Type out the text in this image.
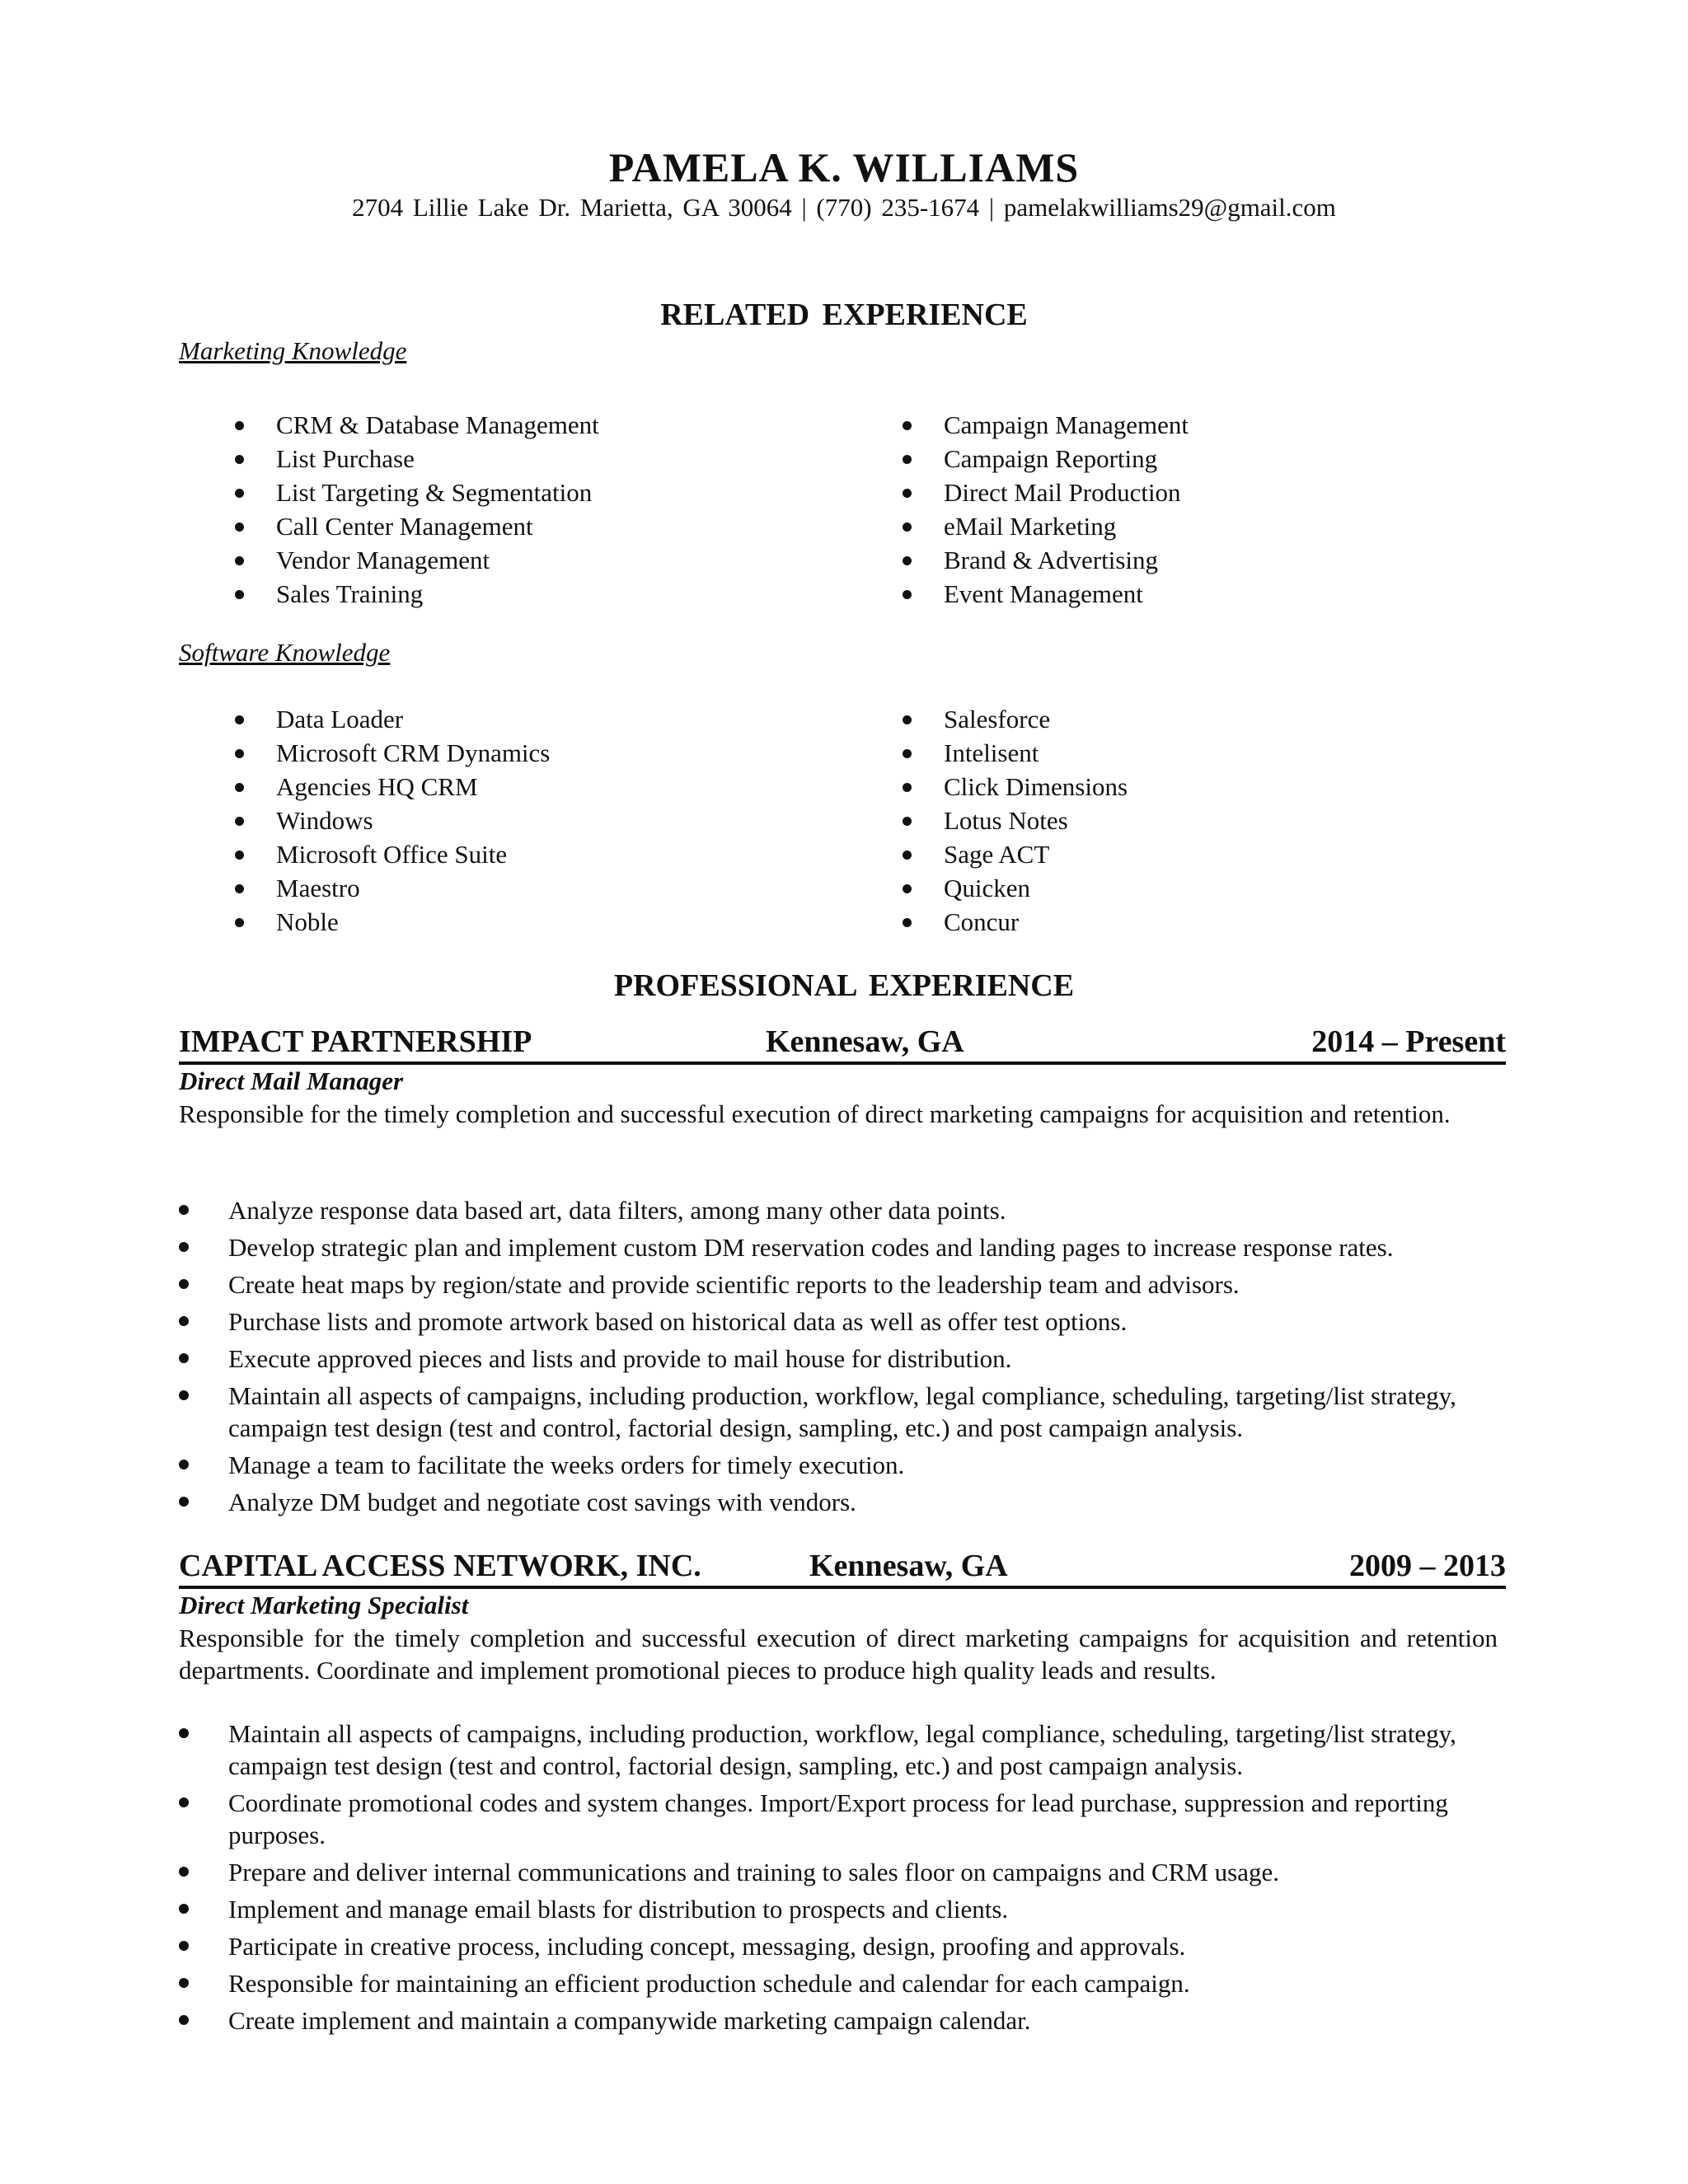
PAMELA K. WILLIAMS
2704 Lillie Lake Dr. Marietta, GA 30064 | (770) 235-1674 | pamelakwilliams29@gmail.com
RELATED EXPERIENCE
Marketing Knowledge
CRM & Database Management
List Purchase
List Targeting & Segmentation
Call Center Management
Vendor Management
Sales Training
Campaign Management
Campaign Reporting
Direct Mail Production
eMail Marketing
Brand & Advertising
Event Management
Software Knowledge
Data Loader
Microsoft CRM Dynamics
Agencies HQ CRM
Windows
Microsoft Office Suite
Maestro
Noble
Salesforce
Intelisent
Click Dimensions
Lotus Notes
Sage ACT
Quicken
Concur
PROFESSIONAL EXPERIENCE
IMPACT PARTNERSHIP	Kennesaw, GA	2014 – Present
Direct Mail Manager

Responsible for the timely completion and successful execution of direct marketing campaigns for acquisition and retention.

Analyze response data based art, data filters, among many other data points.
Develop strategic plan and implement custom DM reservation codes and landing pages to increase response rates.
Create heat maps by region/state and provide scientific reports to the leadership team and advisors.
Purchase lists and promote artwork based on historical data as well as offer test options.
Execute approved pieces and lists and provide to mail house for distribution.
Maintain all aspects of campaigns, including production, workflow, legal compliance, scheduling, targeting/list strategy, campaign test design (test and control, factorial design, sampling, etc.) and post campaign analysis.
Manage a team to facilitate the weeks orders for timely execution.
Analyze DM budget and negotiate cost savings with vendors.
CAPITAL ACCESS NETWORK, INC.	Kennesaw, GA	2009 – 2013
Direct Marketing Specialist

Responsible for the timely completion and successful execution of direct marketing campaigns for acquisition and retention departments. Coordinate and implement promotional pieces to produce high quality leads and results.

Maintain all aspects of campaigns, including production, workflow, legal compliance, scheduling, targeting/list strategy, campaign test design (test and control, factorial design, sampling, etc.) and post campaign analysis.
Coordinate promotional codes and system changes. Import/Export process for lead purchase, suppression and reporting purposes.
Prepare and deliver internal communications and training to sales floor on campaigns and CRM usage.
Implement and manage email blasts for distribution to prospects and clients.
Participate in creative process, including concept, messaging, design, proofing and approvals.
Responsible for maintaining an efficient production schedule and calendar for each campaign.
Create implement and maintain a companywide marketing campaign calendar.
